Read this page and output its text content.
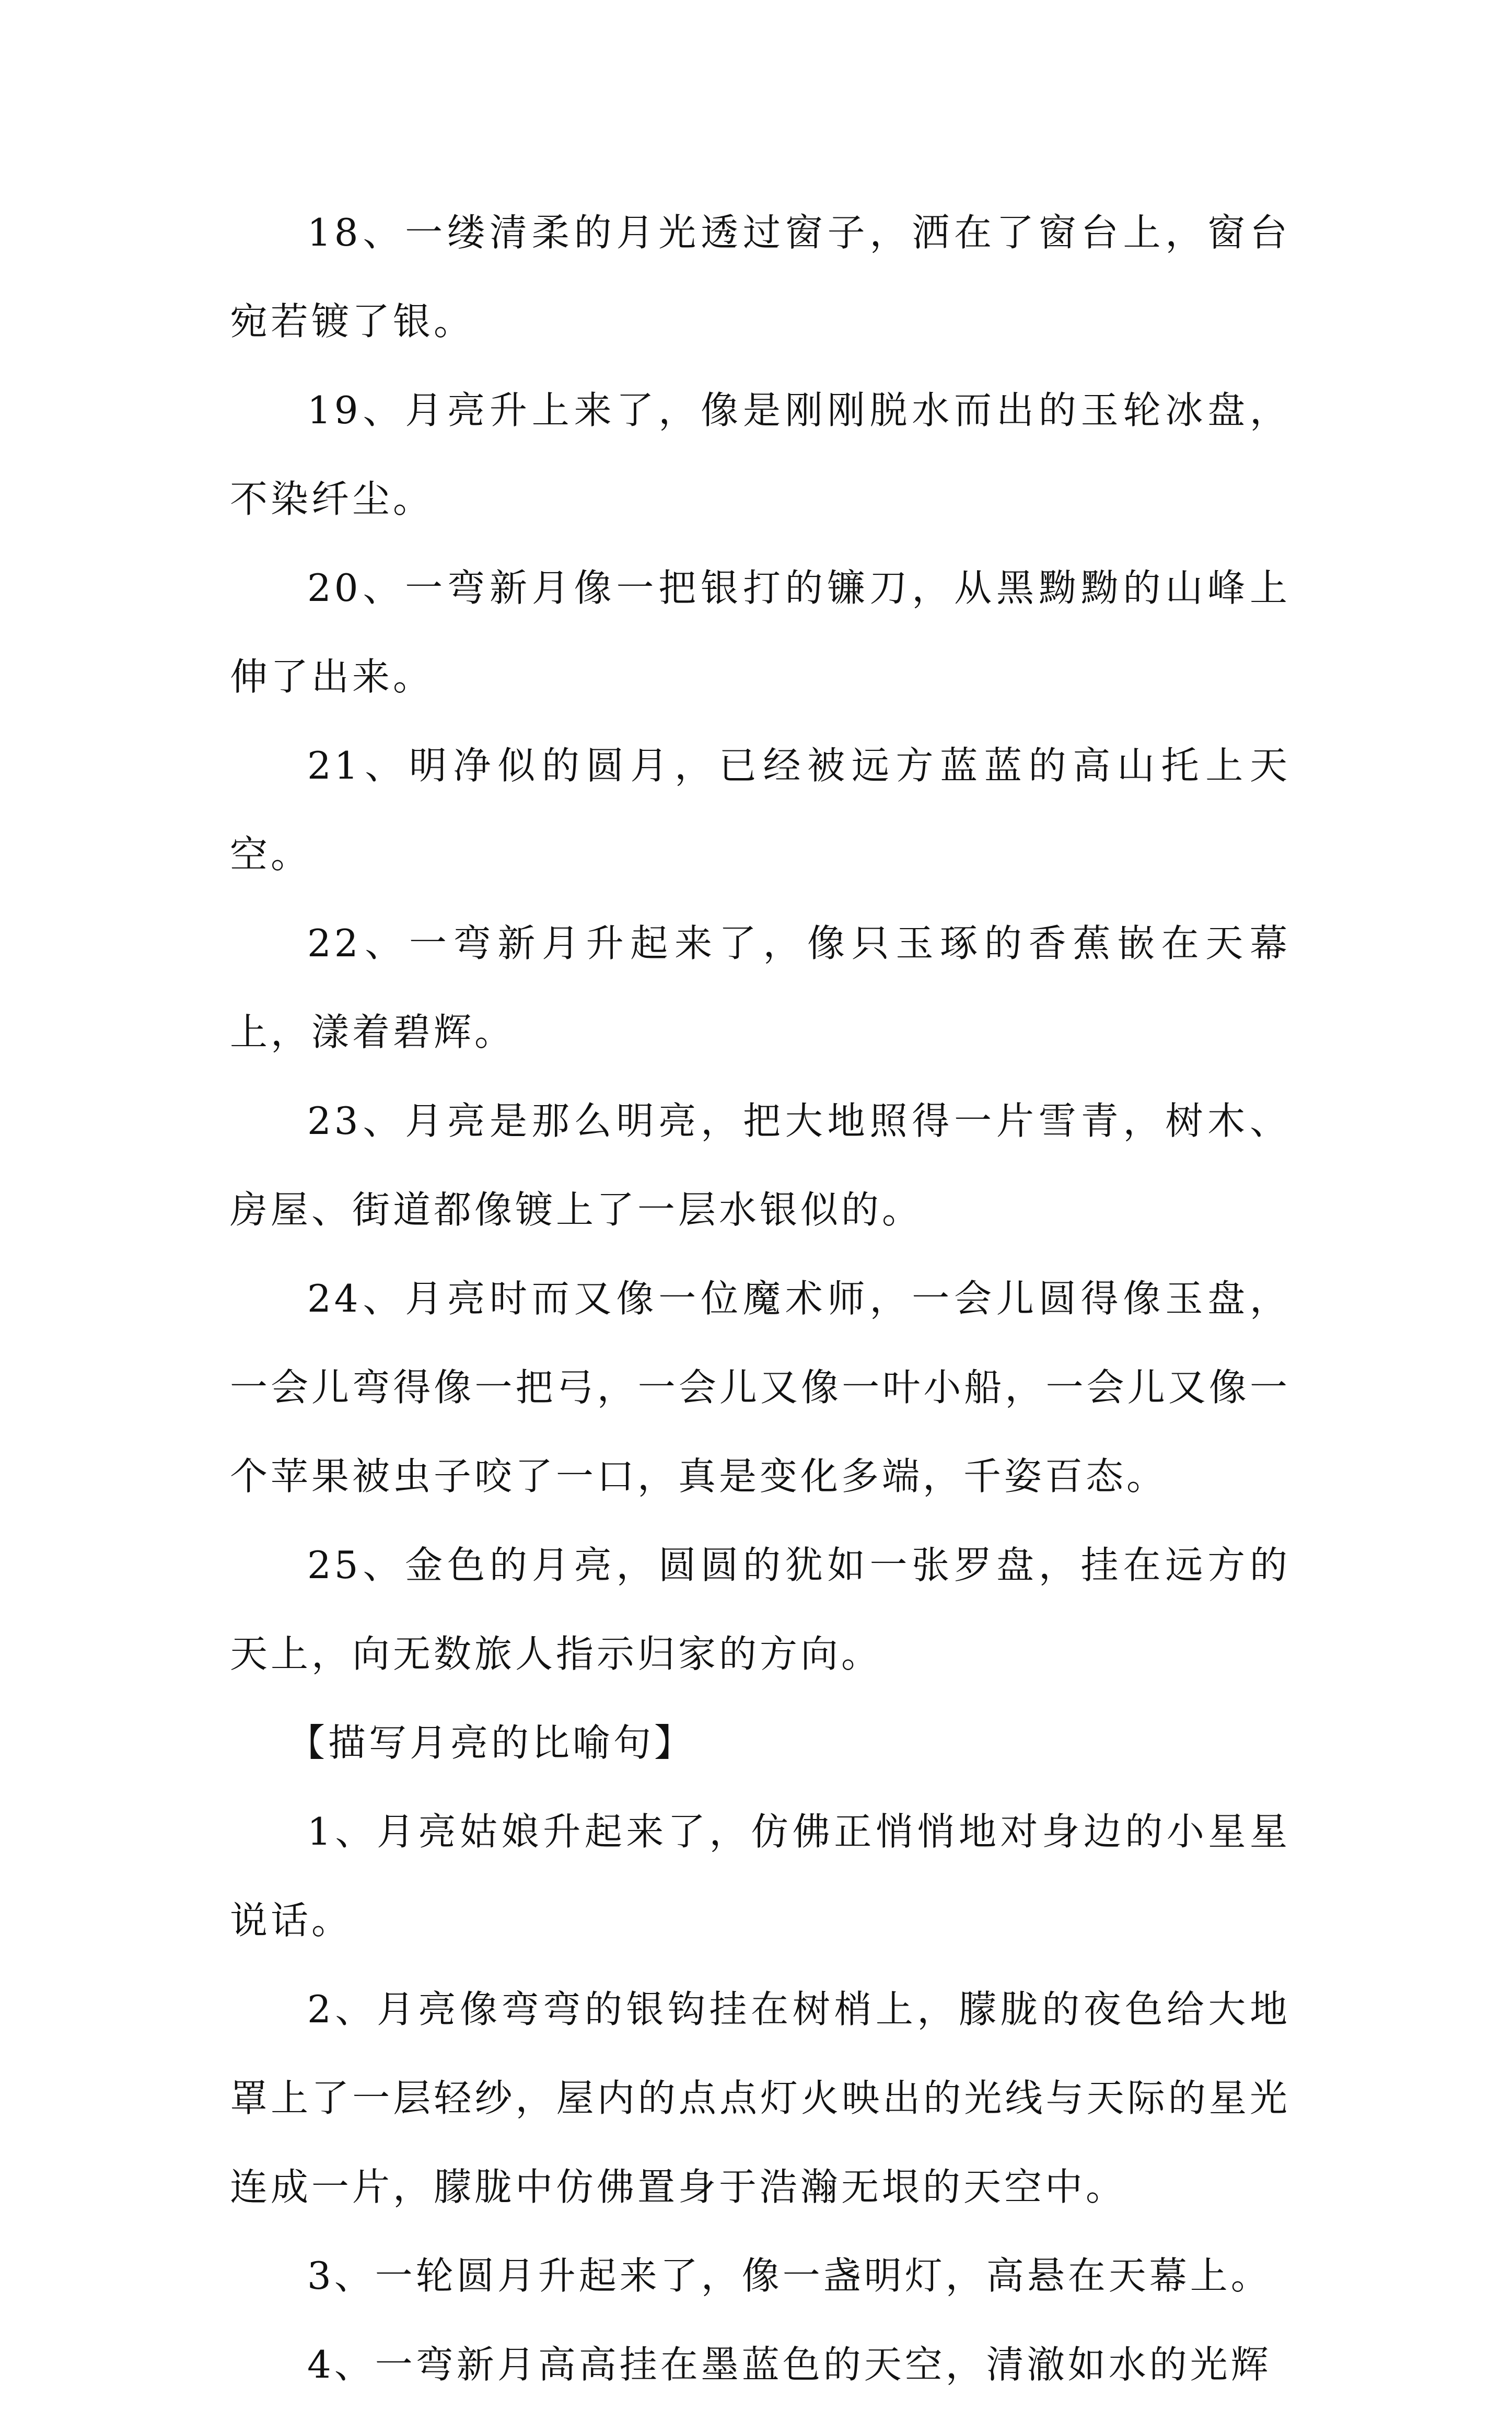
18、一缕清柔的月光透过窗子，洒在了窗台上，窗台宛若镀了银。

19、月亮升上来了，像是刚刚脱水而出的玉轮冰盘，不染纤尘。

20、一弯新月像一把银打的镰刀，从黑黝黝的山峰上伸了出来。

21、明净似的圆月，已经被远方蓝蓝的高山托上天空。

22、一弯新月升起来了，像只玉琢的香蕉嵌在天幕上，漾着碧辉。

23、月亮是那么明亮，把大地照得一片雪青，树木、房屋、街道都像镀上了一层水银似的。

24、月亮时而又像一位魔术师，一会儿圆得像玉盘，一会儿弯得像一把弓，一会儿又像一叶小船，一会儿又像一个苹果被虫子咬了一口，真是变化多端，千姿百态。

25、金色的月亮，圆圆的犹如一张罗盘，挂在远方的天上，向无数旅人指示归家的方向。

【描写月亮的比喻句】

1、月亮姑娘升起来了，仿佛正悄悄地对身边的小星星说话。

2、月亮像弯弯的银钩挂在树梢上，朦胧的夜色给大地罩上了一层轻纱，屋内的点点灯火映出的光线与天际的星光连成一片，朦胧中仿佛置身于浩瀚无垠的天空中。

3、一轮圆月升起来了，像一盏明灯，高悬在天幕上。

4、一弯新月高高挂在墨蓝色的天空，清澈如水的光辉
